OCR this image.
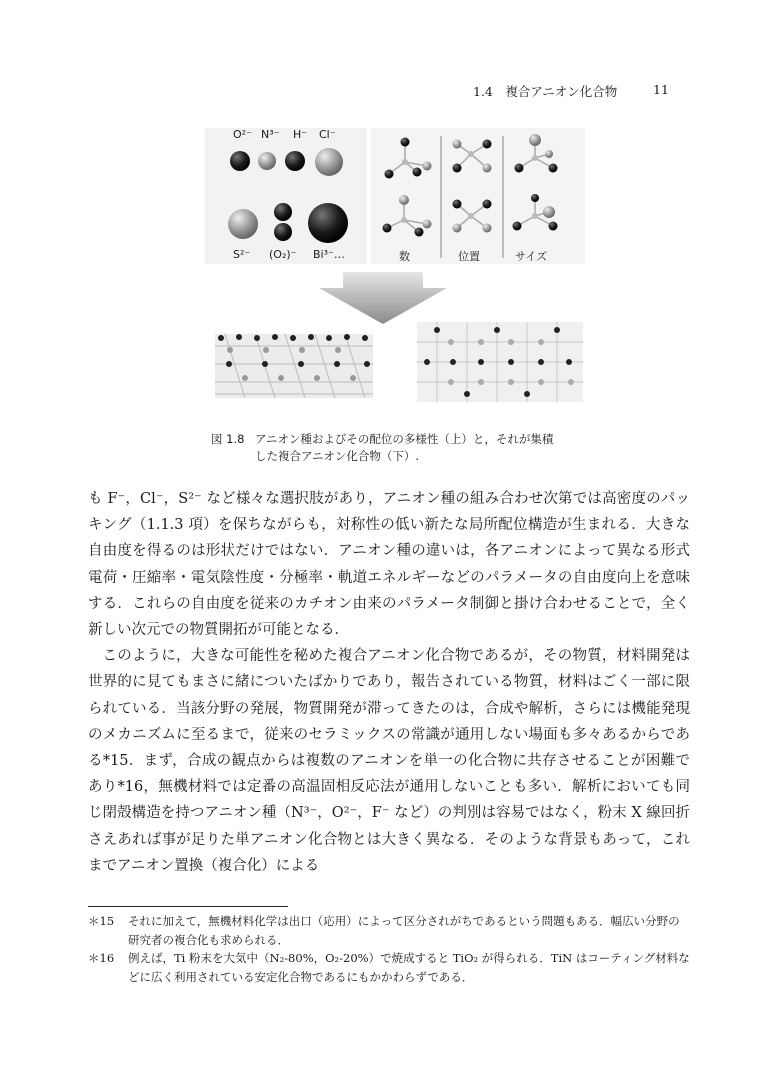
1.4　複合アニオン化合物	11
O²⁻ N³⁻ H⁻ Cl⁻
S²⁻ (O₂)⁻ Bi³⁻…	数	位置	サイズ
図 1.8 アニオン種およびその配位の多様性（上）と，それが集積
した複合アニオン化合物（下）.

も F⁻，Cl⁻，S²⁻ など様々な選択肢があり，アニオン種の組み合わせ次第では高密度のパッキング（1.1.3 項）を保ちながらも，対称性の低い新たな局所配位構造が生まれる．大きな自由度を得るのは形状だけではない．アニオン種の違いは，各アニオンによって異なる形式電荷・圧縮率・電気陰性度・分極率・軌道エネルギーなどのパラメータの自由度向上を意味する．これらの自由度を従来のカチオン由来のパラメータ制御と掛け合わせることで，全く新しい次元での物質開拓が可能となる．

このように，大きな可能性を秘めた複合アニオン化合物であるが，その物質，材料開発は世界的に見てもまさに緒についたばかりであり，報告されている物質，材料はごく一部に限られている．当該分野の発展，物質開発が滞ってきたのは，合成や解析，さらには機能発現のメカニズムに至るまで，従来のセラミックスの常識が通用しない場面も多々あるからである*15．まず，合成の観点からは複数のアニオンを単一の化合物に共存させることが困難であり*16，無機材料では定番の高温固相反応法が通用しないことも多い．解析においても同じ閉殻構造を持つアニオン種（N³⁻，O²⁻，F⁻ など）の判別は容易ではなく，粉末 X 線回折さえあれば事が足りた単アニオン化合物とは大きく異なる．そのような背景もあって，これまでアニオン置換（複合化）による

＊15	それに加えて，無機材料化学は出口（応用）によって区分されがちであるという問題もある．幅広い分野の研究者の複合化も求められる．
＊16	例えば，Ti 粉末を大気中（N₂-80%，O₂-20%）で焼成すると TiO₂ が得られる．TiN はコーティング材料などに広く利用されている安定化合物であるにもかかわらずである．
